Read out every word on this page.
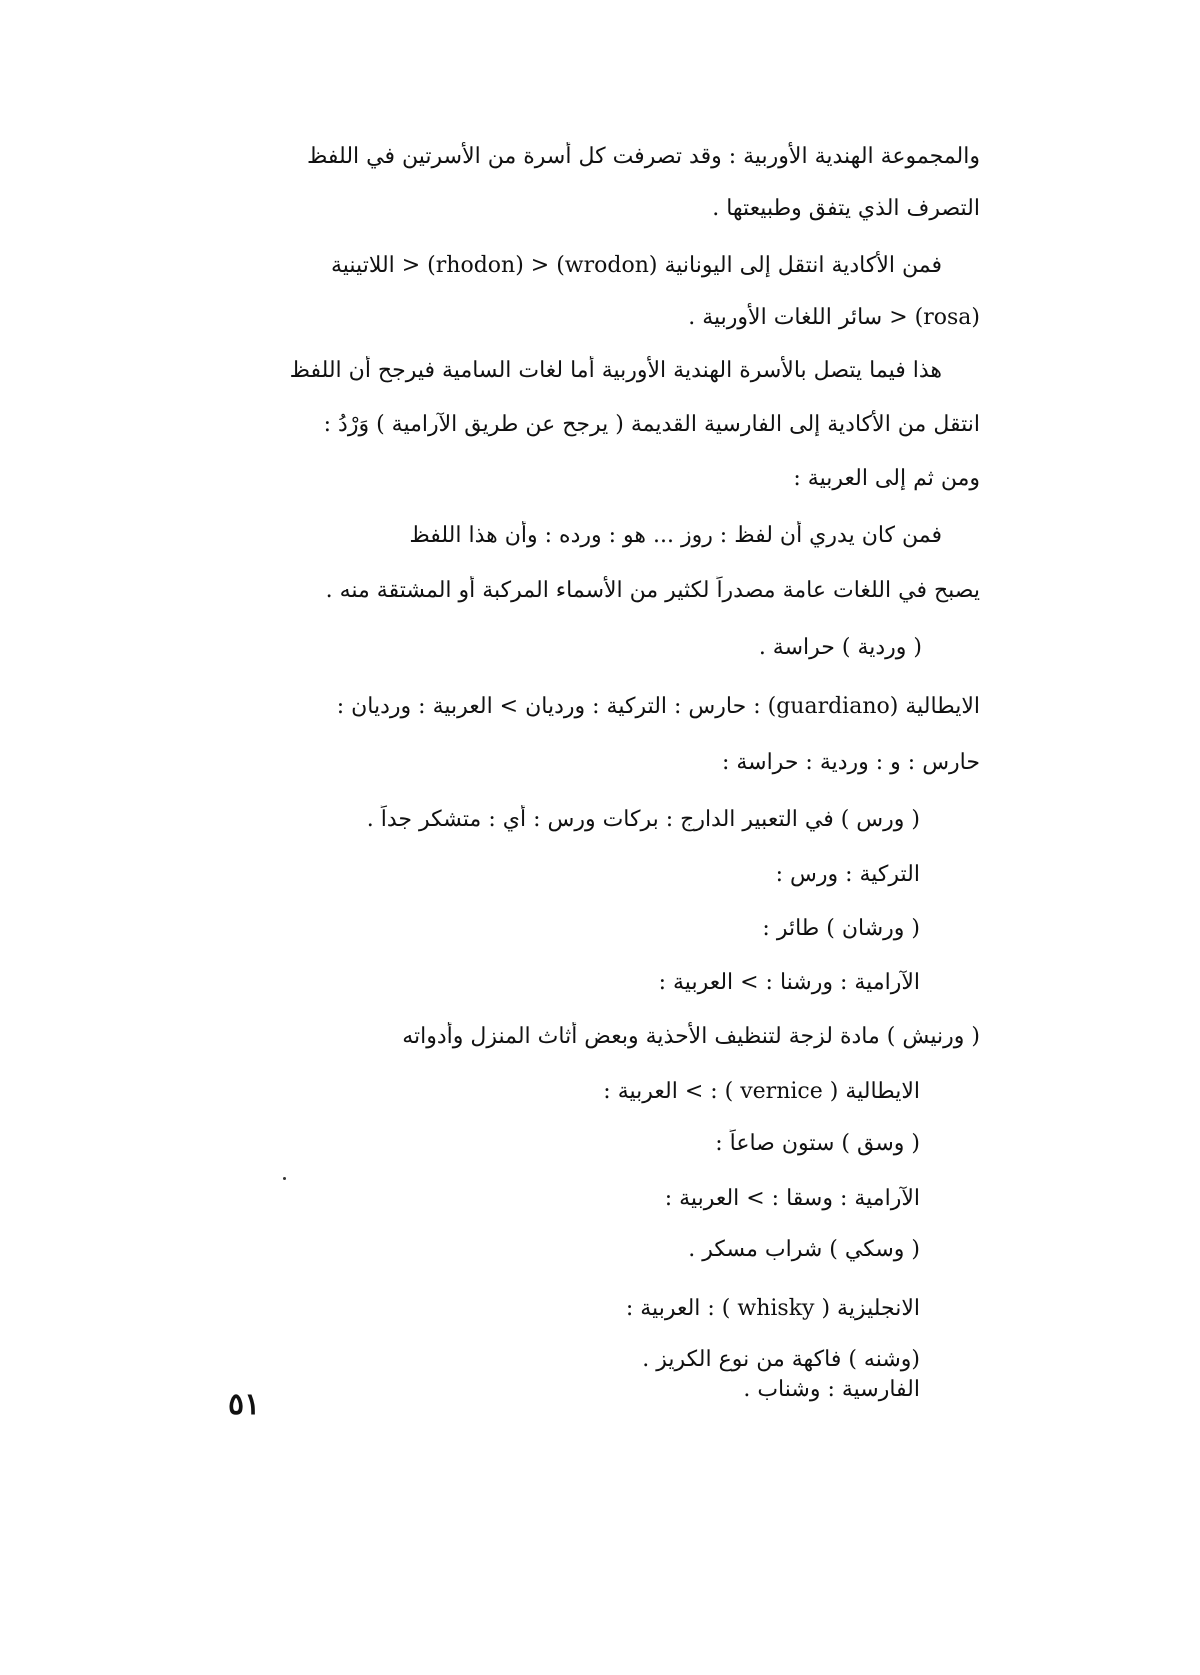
والمجموعة الهندية الأوربية : وقد تصرفت كل أسرة من الأسرتين في اللفظ
التصرف الذي يتفق وطبيعتها .
فمن الأكادية انتقل إلى اليونانية (wrodon) < (rhodon) < اللاتينية
(rosa) < سائر اللغات الأوربية .
هذا فيما يتصل بالأسرة الهندية الأوربية أما لغات السامية فيرجح أن اللفظ
انتقل من الأكادية إلى الفارسية القديمة ( يرجح عن طريق الآرامية ) وَرْدُ :
ومن ثم إلى العربية :
فمن كان يدري أن لفظ : روز ... هو : ورده : وأن هذا اللفظ
يصبح في اللغات عامة مصدراً لكثير من الأسماء المركبة أو المشتقة منه .
( وردية ) حراسة .
الايطالية (guardiano) : حارس : التركية : ورديان > العربية : ورديان :
حارس : و : وردية : حراسة :
( ورس ) في التعبير الدارج : بركات ورس : أي : متشكر جداً .
التركية : ورس :
( ورشان ) طائر :
الآرامية : ورشنا : > العربية :
( ورنيش ) مادة لزجة لتنظيف الأحذية وبعض أثاث المنزل وأدواته
الايطالية ( vernice ) : > العربية :
( وسق ) ستون صاعاً :
الآرامية : وسقا : > العربية :
( وسكي ) شراب مسكر .
الانجليزية ( whisky ) : العربية :
(وشنه ) فاكهة من نوع الكريز .
الفارسية : وشناب .
٥١
